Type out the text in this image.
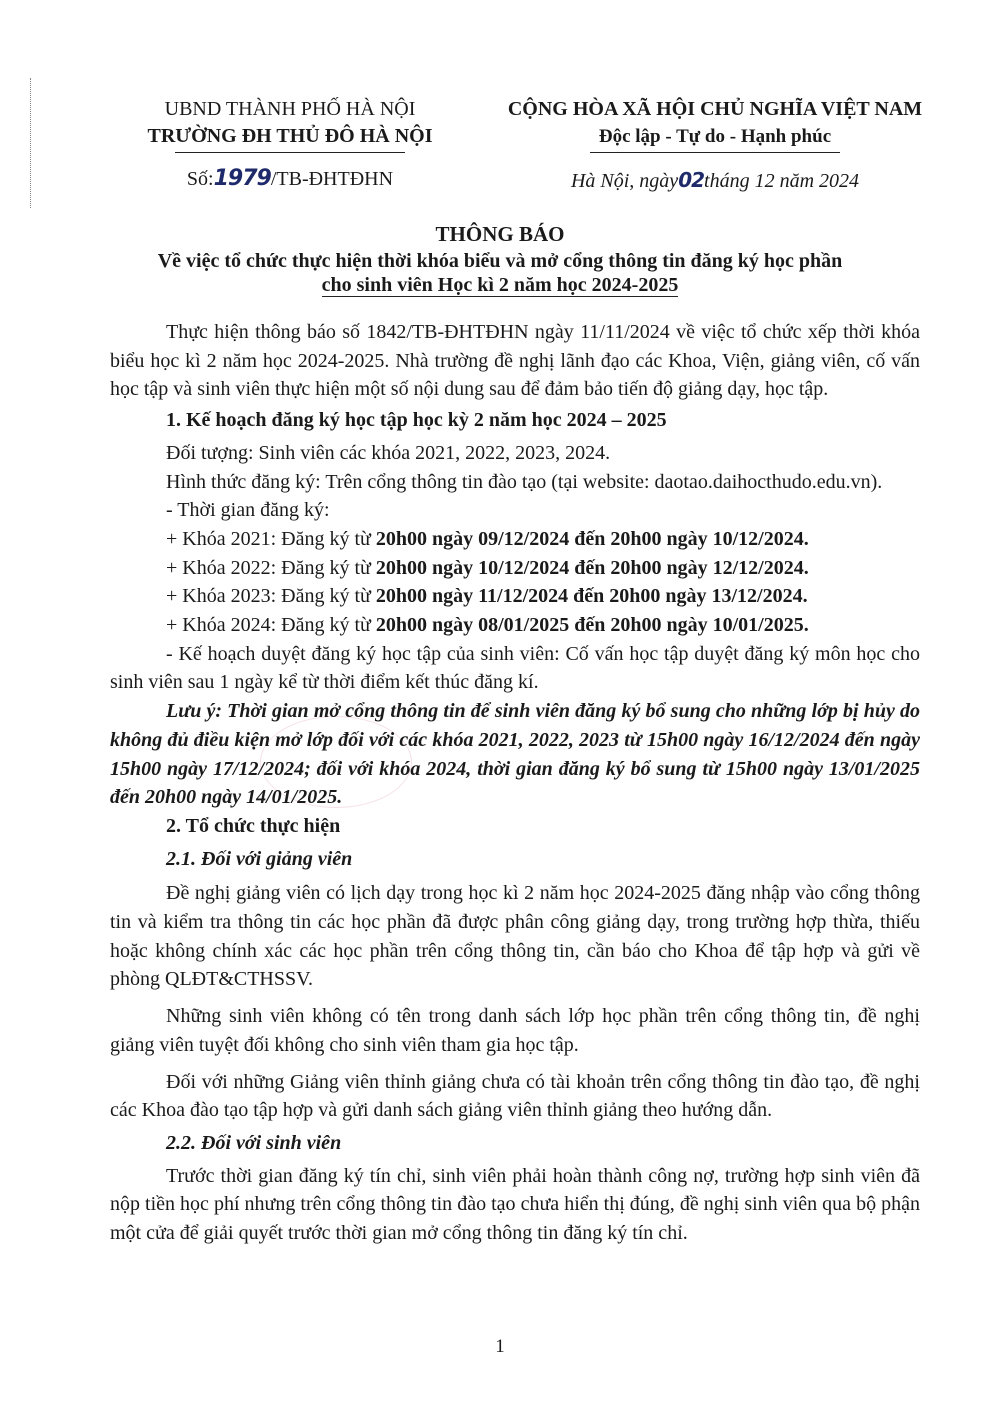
UBND THÀNH PHỐ HÀ NỘI
TRƯỜNG ĐH THỦ ĐÔ HÀ NỘI
CỘNG HÒA XÃ HỘI CHỦ NGHĨA VIỆT NAM
Độc lập - Tự do - Hạnh phúc
Số:1979/TB-ĐHTĐHN	Hà Nội, ngày02tháng 12 năm 2024
THÔNG BÁO
Về việc tổ chức thực hiện thời khóa biểu và mở cổng thông tin đăng ký học phần
cho sinh viên Học kì 2 năm học 2024-2025

Thực hiện thông báo số 1842/TB-ĐHTĐHN ngày 11/11/2024 về việc tổ chức xếp thời khóa biểu học kì 2 năm học 2024-2025. Nhà trường đề nghị lãnh đạo các Khoa, Viện, giảng viên, cố vấn học tập và sinh viên thực hiện một số nội dung sau để đảm bảo tiến độ giảng dạy, học tập.

1. Kế hoạch đăng ký học tập học kỳ 2 năm học 2024 – 2025

Đối tượng: Sinh viên các khóa 2021, 2022, 2023, 2024.

Hình thức đăng ký: Trên cổng thông tin đào tạo (tại website: daotao.daihocthudo.edu.vn).

- Thời gian đăng ký:

+ Khóa 2021: Đăng ký từ 20h00 ngày 09/12/2024 đến 20h00 ngày 10/12/2024.

+ Khóa 2022: Đăng ký từ 20h00 ngày 10/12/2024 đến 20h00 ngày 12/12/2024.

+ Khóa 2023: Đăng ký từ 20h00 ngày 11/12/2024 đến 20h00 ngày 13/12/2024.

+ Khóa 2024: Đăng ký từ 20h00 ngày 08/01/2025 đến 20h00 ngày 10/01/2025.

- Kế hoạch duyệt đăng ký học tập của sinh viên: Cố vấn học tập duyệt đăng ký môn học cho sinh viên sau 1 ngày kể từ thời điểm kết thúc đăng kí.

Lưu ý: Thời gian mở cổng thông tin để sinh viên đăng ký bổ sung cho những lớp bị hủy do không đủ điều kiện mở lớp đối với các khóa 2021, 2022, 2023 từ 15h00 ngày 16/12/2024 đến ngày 15h00 ngày 17/12/2024; đối với khóa 2024, thời gian đăng ký bổ sung từ 15h00 ngày 13/01/2025 đến 20h00 ngày 14/01/2025.

2. Tổ chức thực hiện

2.1. Đối với giảng viên

Đề nghị giảng viên có lịch dạy trong học kì 2 năm học 2024-2025 đăng nhập vào cổng thông tin và kiểm tra thông tin các học phần đã được phân công giảng dạy, trong trường hợp thừa, thiếu hoặc không chính xác các học phần trên cổng thông tin, cần báo cho Khoa để tập hợp và gửi về phòng QLĐT&CTHSSV.

Những sinh viên không có tên trong danh sách lớp học phần trên cổng thông tin, đề nghị giảng viên tuyệt đối không cho sinh viên tham gia học tập.

Đối với những Giảng viên thỉnh giảng chưa có tài khoản trên cổng thông tin đào tạo, đề nghị các Khoa đào tạo tập hợp và gửi danh sách giảng viên thỉnh giảng theo hướng dẫn.

2.2. Đối với sinh viên

Trước thời gian đăng ký tín chỉ, sinh viên phải hoàn thành công nợ, trường hợp sinh viên đã nộp tiền học phí nhưng trên cổng thông tin đào tạo chưa hiển thị đúng, đề nghị sinh viên qua bộ phận một cửa để giải quyết trước thời gian mở cổng thông tin đăng ký tín chỉ.

1
